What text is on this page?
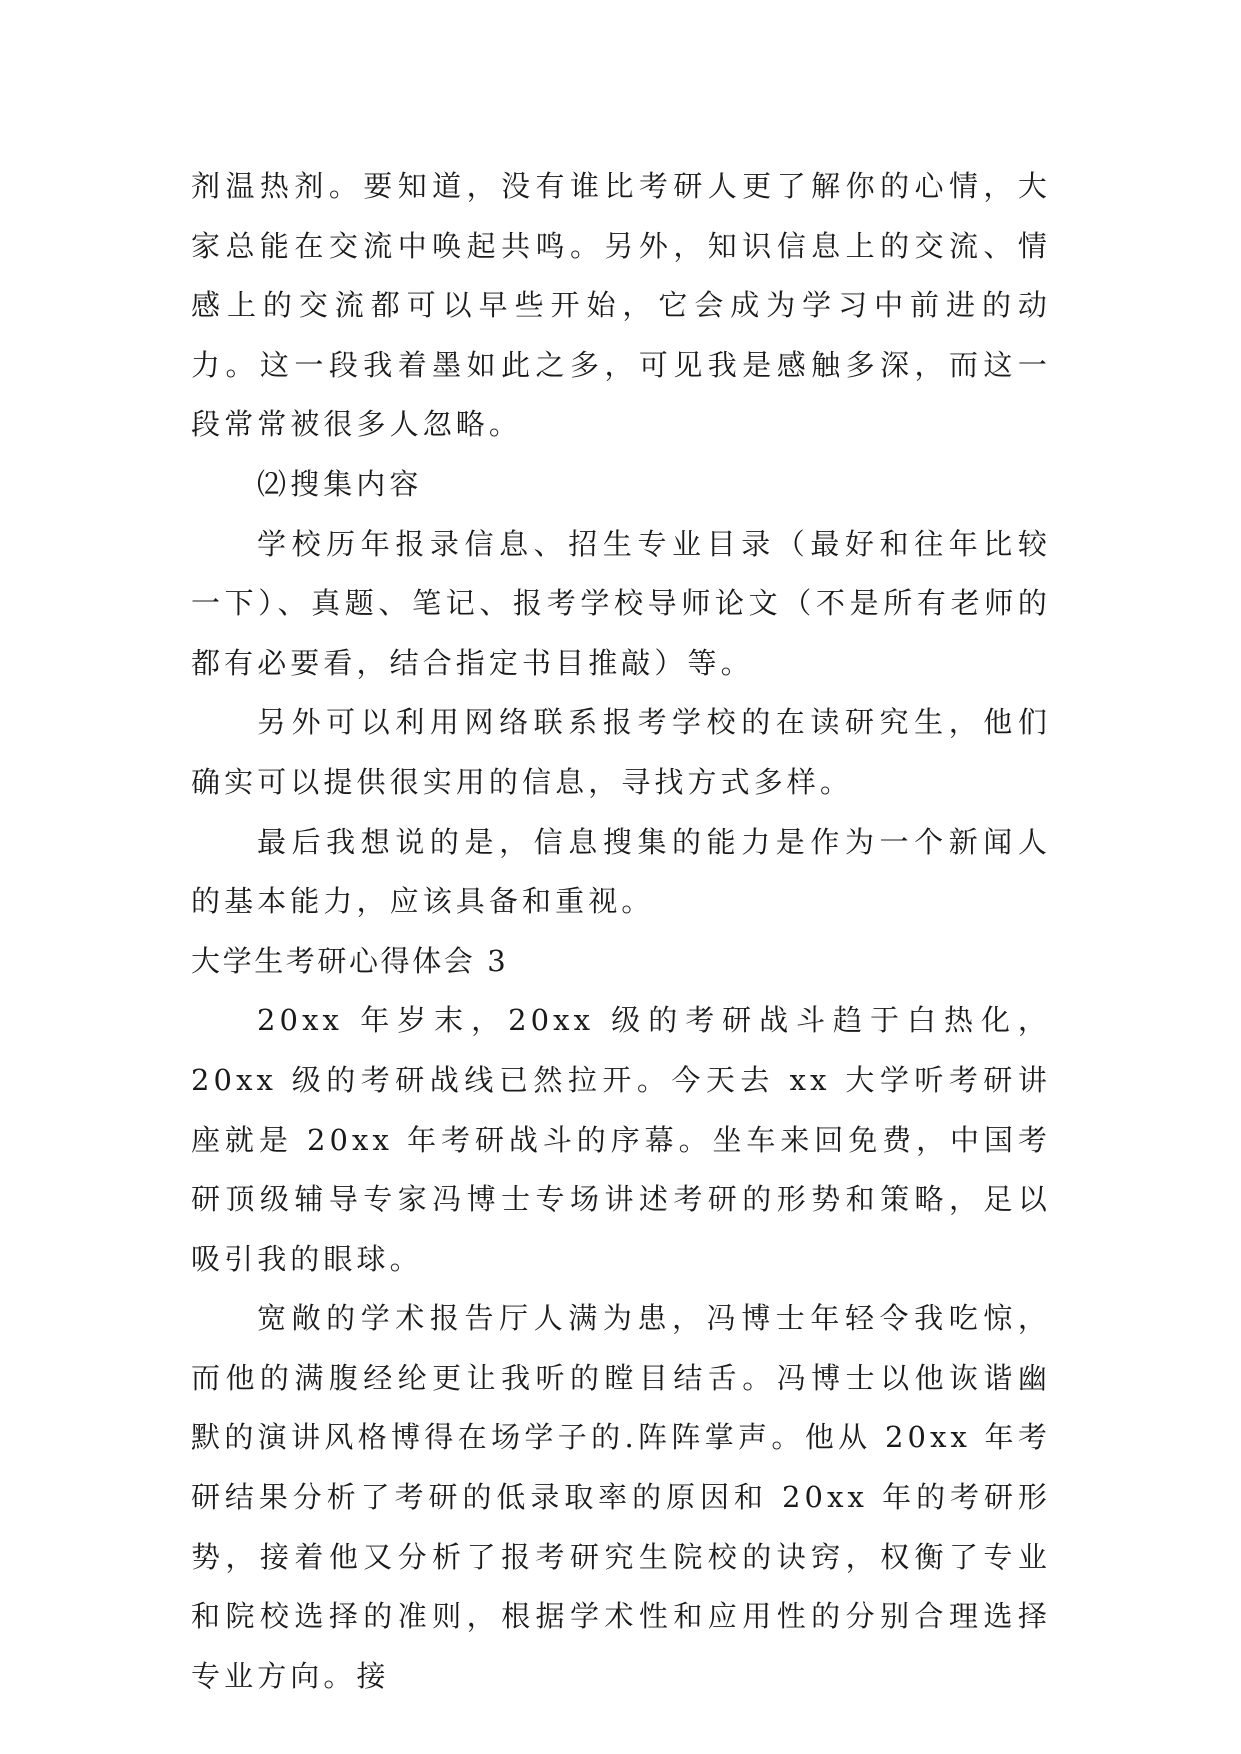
剂温热剂。要知道，没有谁比考研人更了解你的心情，大家总能在交流中唤起共鸣。另外，知识信息上的交流、情感上的交流都可以早些开始，它会成为学习中前进的动力。这一段我着墨如此之多，可见我是感触多深，而这一段常常被很多人忽略。

⑵搜集内容

学校历年报录信息、招生专业目录（最好和往年比较一下）、真题、笔记、报考学校导师论文（不是所有老师的都有必要看，结合指定书目推敲）等。

另外可以利用网络联系报考学校的在读研究生，他们确实可以提供很实用的信息，寻找方式多样。

最后我想说的是，信息搜集的能力是作为一个新闻人的基本能力，应该具备和重视。

大学生考研心得体会 3

20xx 年岁末，20xx 级的考研战斗趋于白热化，20xx 级的考研战线已然拉开。今天去 xx 大学听考研讲座就是 20xx 年考研战斗的序幕。坐车来回免费，中国考研顶级辅导专家冯博士专场讲述考研的形势和策略，足以吸引我的眼球。

宽敞的学术报告厅人满为患，冯博士年轻令我吃惊，而他的满腹经纶更让我听的瞠目结舌。冯博士以他诙谐幽默的演讲风格博得在场学子的.阵阵掌声。他从 20xx 年考研结果分析了考研的低录取率的原因和 20xx 年的考研形势，接着他又分析了报考研究生院校的诀窍，权衡了专业和院校选择的准则，根据学术性和应用性的分别合理选择专业方向。接
